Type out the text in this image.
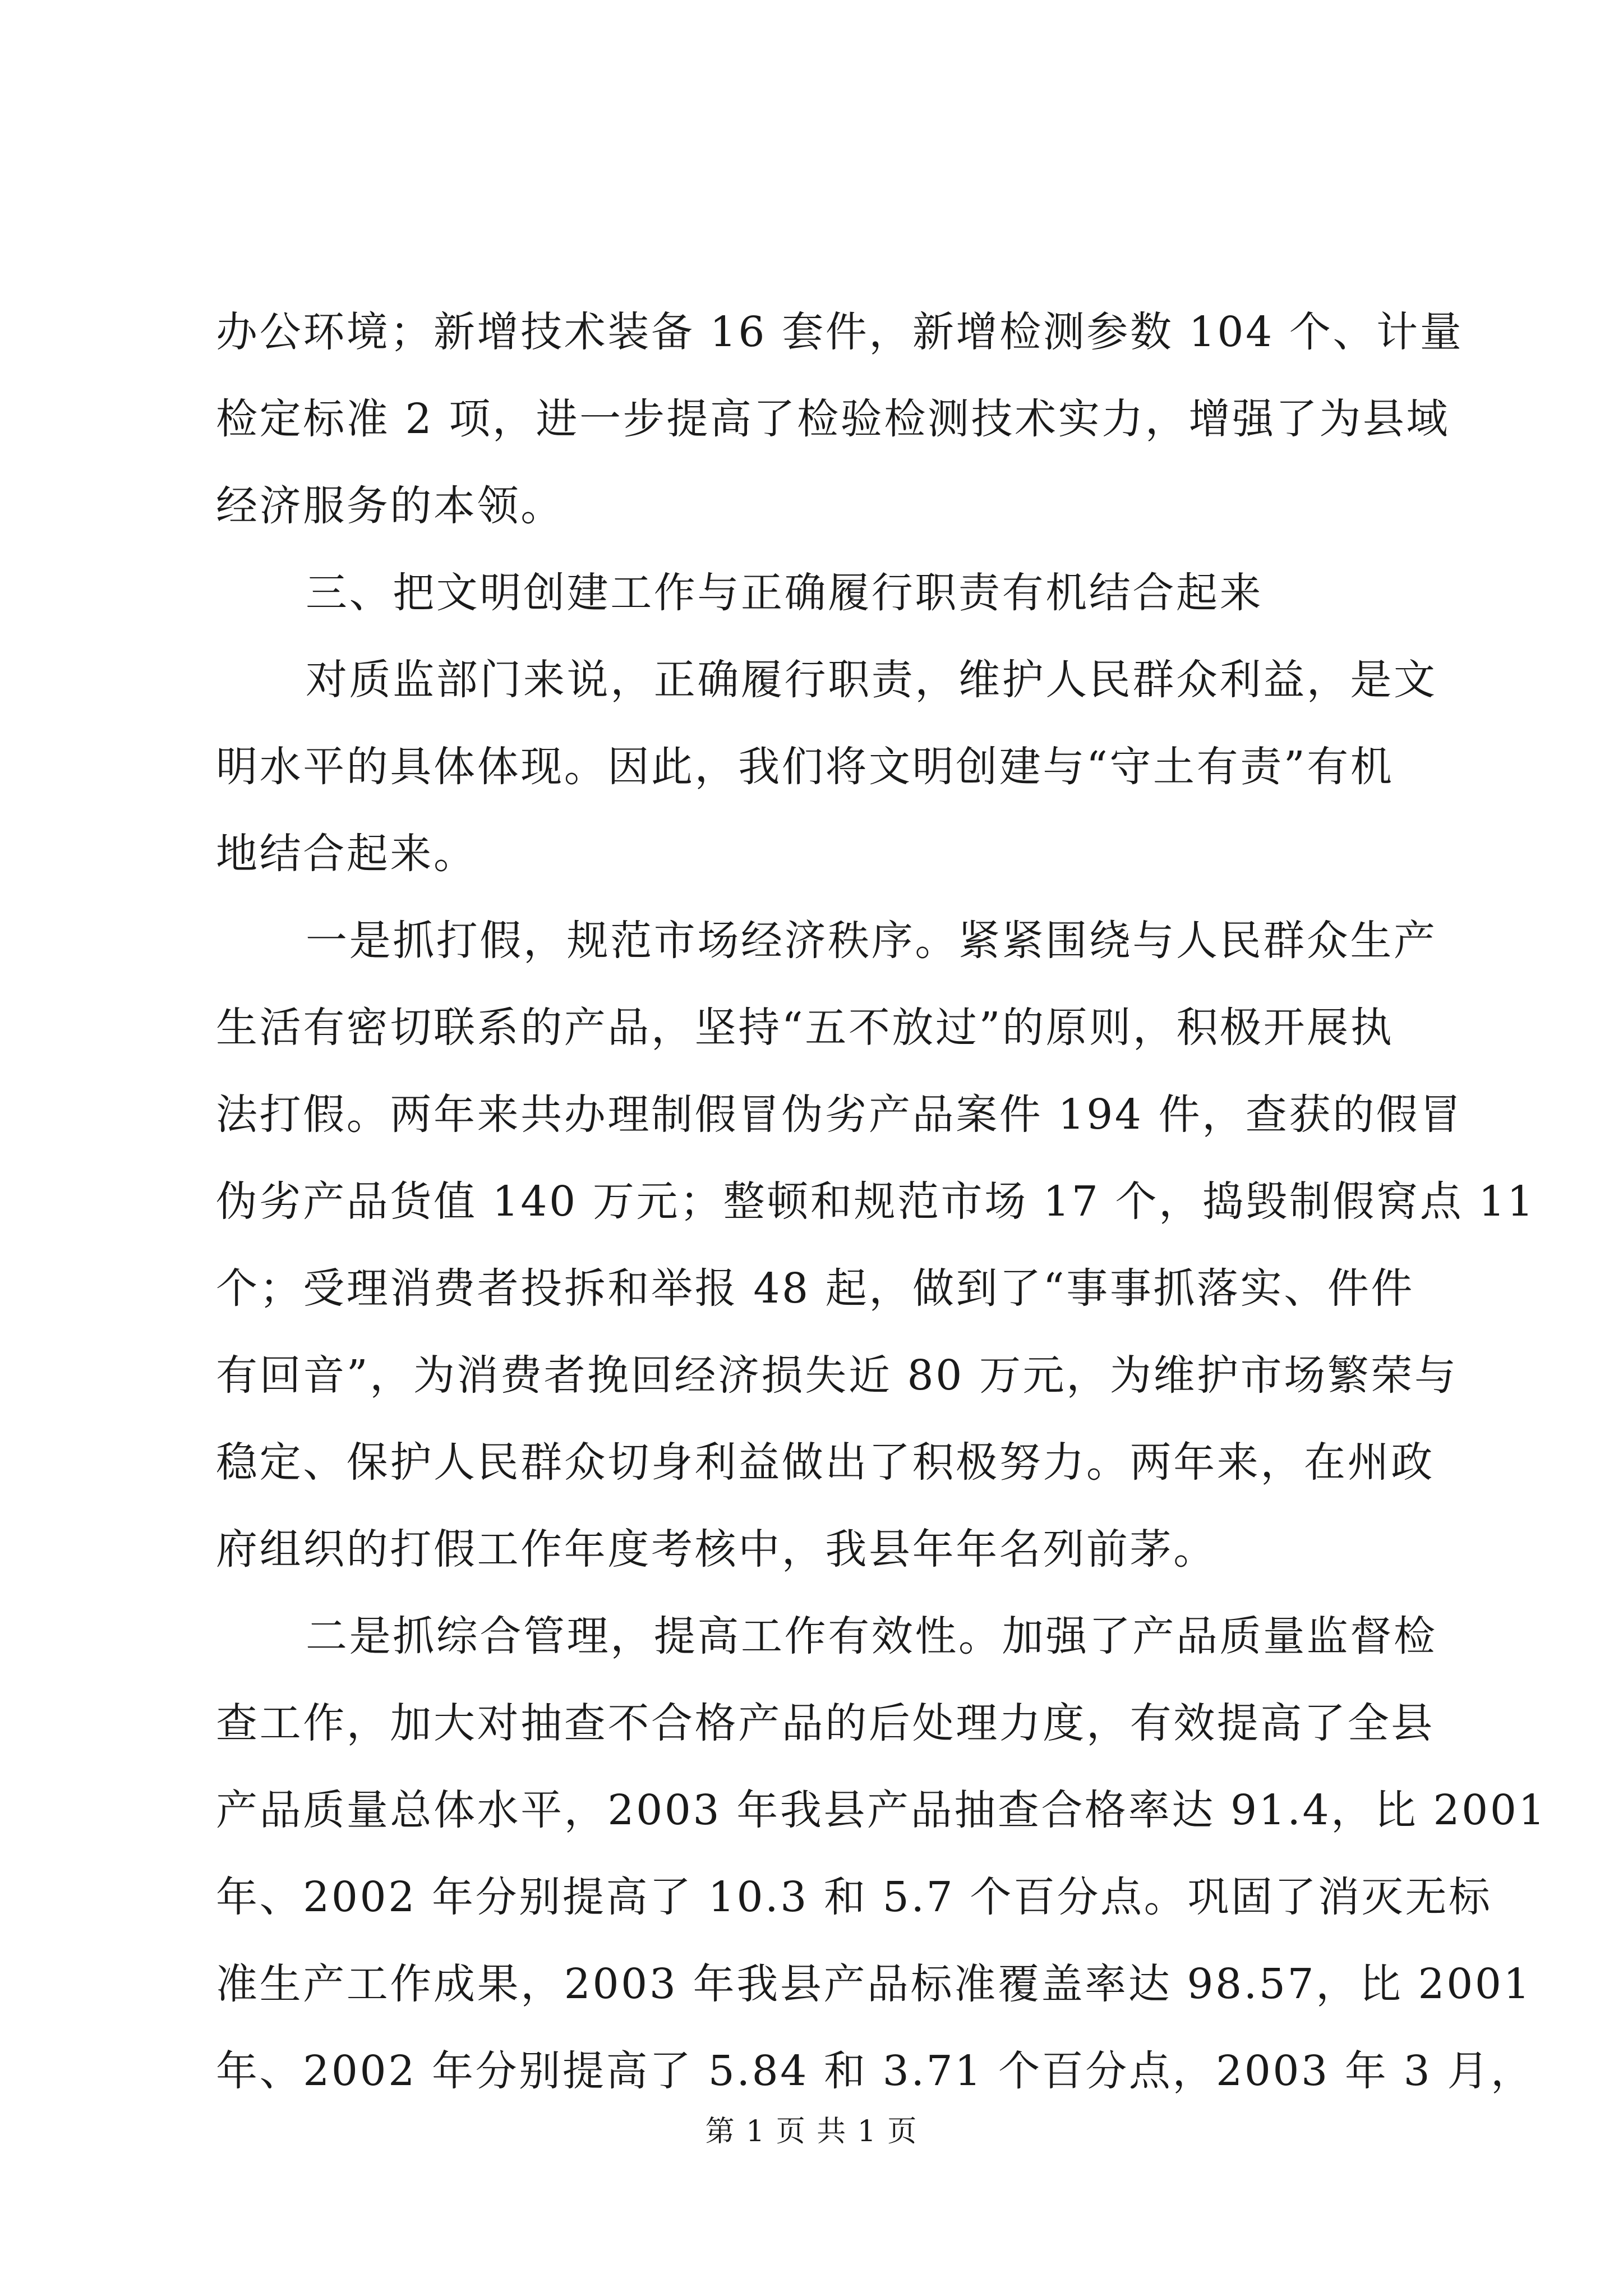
办公环境；新增技术装备 16 套件，新增检测参数 104 个、计量
检定标准 2 项，进一步提高了检验检测技术实力，增强了为县域
经济服务的本领。
三、把文明创建工作与正确履行职责有机结合起来
对质监部门来说，正确履行职责，维护人民群众利益，是文
明水平的具体体现。因此，我们将文明创建与“守土有责”有机
地结合起来。
一是抓打假，规范市场经济秩序。紧紧围绕与人民群众生产
生活有密切联系的产品，坚持“五不放过”的原则，积极开展执
法打假。两年来共办理制假冒伪劣产品案件 194 件，查获的假冒
伪劣产品货值 140 万元；整顿和规范市场 17 个，捣毁制假窝点 11
个；受理消费者投拆和举报 48 起，做到了“事事抓落实、件件
有回音”，为消费者挽回经济损失近 80 万元，为维护市场繁荣与
稳定、保护人民群众切身利益做出了积极努力。两年来，在州政
府组织的打假工作年度考核中，我县年年名列前茅。
二是抓综合管理，提高工作有效性。加强了产品质量监督检
查工作，加大对抽查不合格产品的后处理力度，有效提高了全县
产品质量总体水平，2003 年我县产品抽查合格率达 91.4，比 2001
年、2002 年分别提高了 10.3 和 5.7 个百分点。巩固了消灭无标
准生产工作成果，2003 年我县产品标准覆盖率达 98.57，比 2001
年、2002 年分别提高了 5.84 和 3.71 个百分点，2003 年 3 月，
第 1 页 共 1 页
